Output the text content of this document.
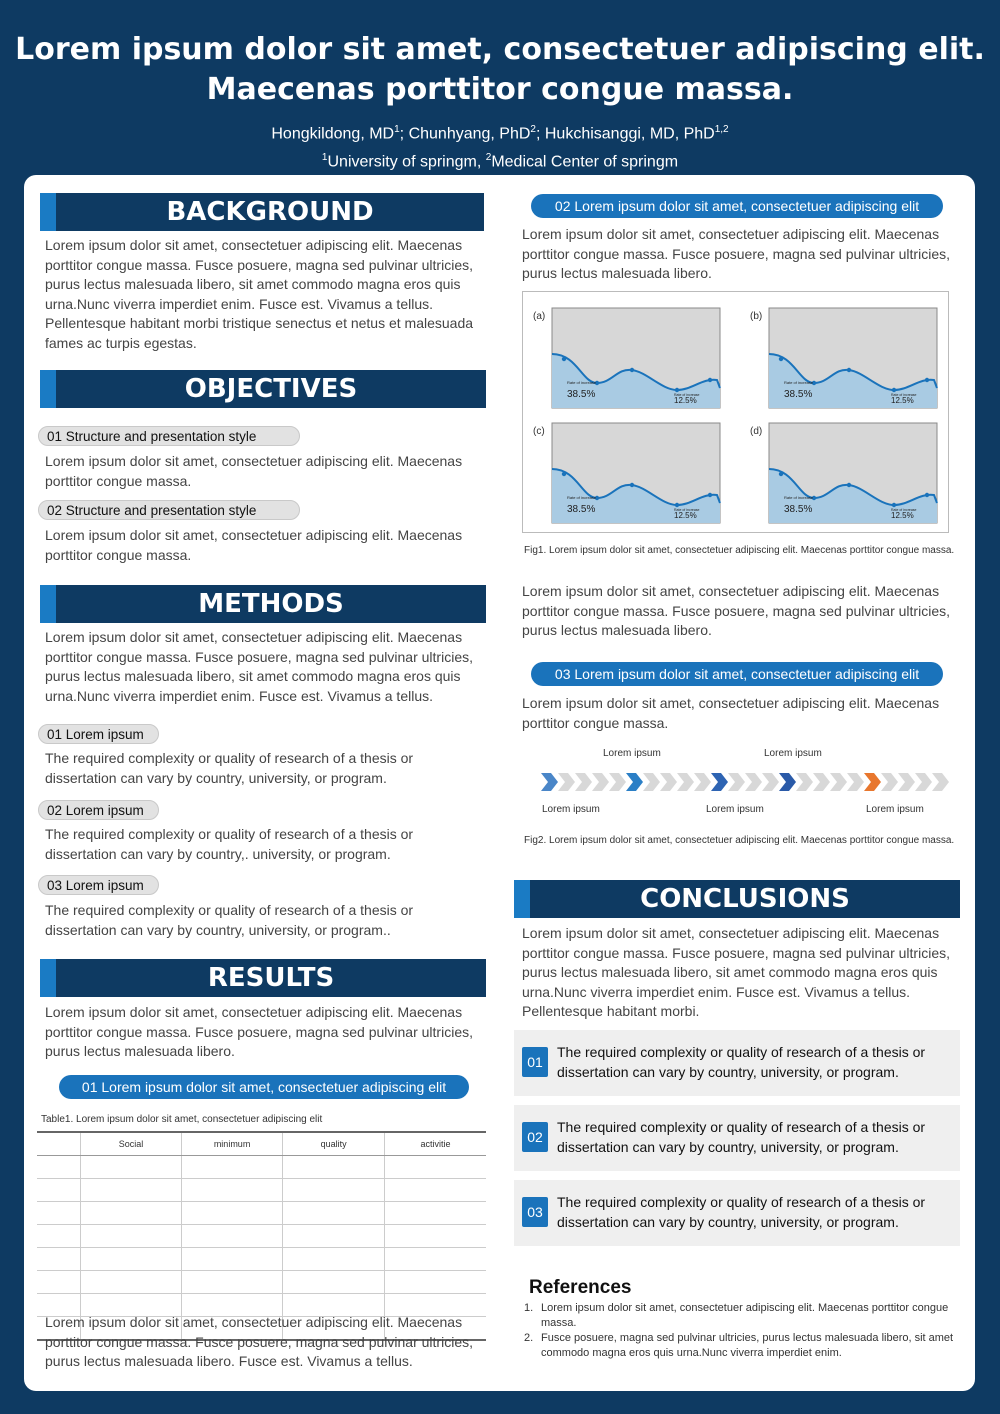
Lorem ipsum dolor sit amet, consectetuer adipiscing elit.
Maecenas porttitor congue massa.
Hongkildong, $MD^1$; Chunhyang, PhD$^2$; Hukchisanggi, MD, PhD$^{1,2}$
$^1$University of springm, $^2$Medical Center of springm
BACKGROUND
Lorem ipsum dolor sit amet, consectetuer adipiscing elit. Maecenas porttitor congue massa. Fusce posuere, magna sed pulvinar ultricies, purus lectus malesuada libero, sit amet commodo magna eros quis urna.Nunc viverra imperdiet enim. Fusce est. Vivamus a tellus. Pellentesque habitant morbi tristique senectus et netus et malesuada fames ac turpis egestas.
OBJECTIVES
01 Structure and presentation style
Lorem ipsum dolor sit amet, consectetuer adipiscing elit. Maecenas porttitor congue massa.
02 Structure and presentation style
Lorem ipsum dolor sit amet, consectetuer adipiscing elit. Maecenas porttitor congue massa.
METHODS
Lorem ipsum dolor sit amet, consectetuer adipiscing elit. Maecenas porttitor congue massa. Fusce posuere, magna sed pulvinar ultricies, purus lectus malesuada libero, sit amet commodo magna eros quis urna.Nunc viverra imperdiet enim. Fusce est. Vivamus a tellus.
01 Lorem ipsum
The required complexity or quality of research of a thesis or dissertation can vary by country, university, or program.
02 Lorem ipsum
The required complexity or quality of research of a thesis or dissertation can vary by country,. university, or program.
03 Lorem ipsum
The required complexity or quality of research of a thesis or dissertation can vary by country, university, or program..
RESULTS
Lorem ipsum dolor sit amet, consectetuer adipiscing elit. Maecenas porttitor congue massa. Fusce posuere, magna sed pulvinar ultricies, purus lectus malesuada libero.
01 Lorem ipsum dolor sit amet, consectetuer adipiscing elit
Table1. Lorem ipsum dolor sit amet, consectetuer adipiscing elit
	Social	minimum	quality	activitie

Lorem ipsum dolor sit amet, consectetuer adipiscing elit. Maecenas porttitor congue massa. Fusce posuere, magna sed pulvinar ultricies, purus lectus malesuada libero. Fusce est. Vivamus a tellus.
02 Lorem ipsum dolor sit amet, consectetuer adipiscing elit
Lorem ipsum dolor sit amet, consectetuer adipiscing elit. Maecenas porttitor congue massa. Fusce posuere, magna sed pulvinar ultricies, purus lectus malesuada libero.
(a)
Rate of increase
38.5%	Rate of increase
12.5%
(b)
Rate of increase
38.5%	Rate of increase
12.5%
(c)
Rate of increase
38.5%	Rate of increase
12.5%
(d)
Rate of increase
38.5%	Rate of increase
12.5%
Fig1. Lorem ipsum dolor sit amet, consectetuer adipiscing elit. Maecenas porttitor congue massa.
Lorem ipsum dolor sit amet, consectetuer adipiscing elit. Maecenas porttitor congue massa. Fusce posuere, magna sed pulvinar ultricies, purus lectus malesuada libero.
03 Lorem ipsum dolor sit amet, consectetuer adipiscing elit
Lorem ipsum dolor sit amet, consectetuer adipiscing elit. Maecenas porttitor congue massa.
Lorem ipsum	Lorem ipsum
Lorem ipsum	Lorem ipsum	Lorem ipsum
Fig2. Lorem ipsum dolor sit amet, consectetuer adipiscing elit. Maecenas porttitor congue massa.
CONCLUSIONS
Lorem ipsum dolor sit amet, consectetuer adipiscing elit. Maecenas porttitor congue massa. Fusce posuere, magna sed pulvinar ultricies, purus lectus malesuada libero, sit amet commodo magna eros quis urna.Nunc viverra imperdiet enim. Fusce est. Vivamus a tellus. Pellentesque habitant morbi.
01
The required complexity or quality of research of a thesis or dissertation can vary by country, university, or program.
02
The required complexity or quality of research of a thesis or dissertation can vary by country, university, or program.
03
The required complexity or quality of research of a thesis or dissertation can vary by country, university, or program.
References
1. Lorem ipsum dolor sit amet, consectetuer adipiscing elit. Maecenas porttitor congue massa.
2. Fusce posuere, magna sed pulvinar ultricies, purus lectus malesuada libero, sit amet commodo magna eros quis urna.Nunc viverra imperdiet enim.
